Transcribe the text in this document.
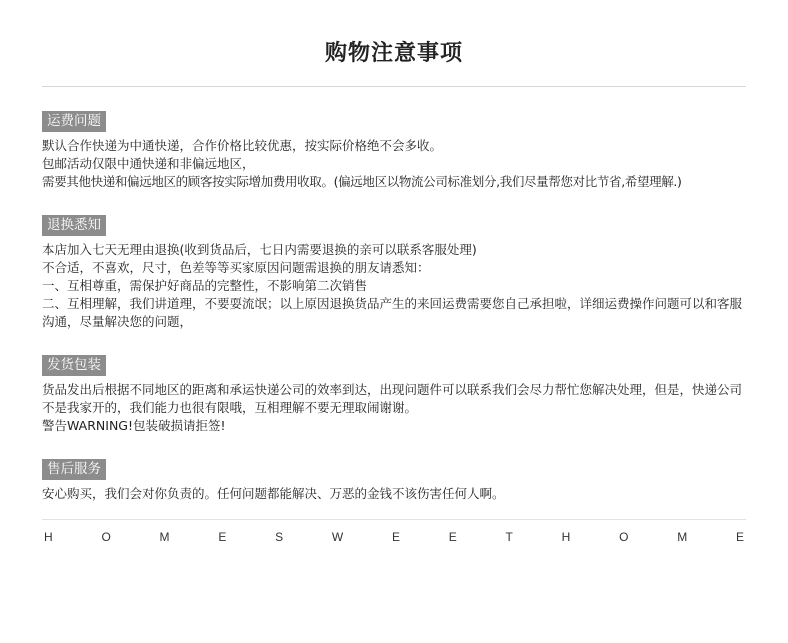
购物注意事项
运费问题

默认合作快递为中通快递，合作价格比较优惠，按实际价格绝不会多收。

包邮活动仅限中通快递和非偏远地区，

需要其他快递和偏远地区的顾客按实际增加费用收取。(偏远地区以物流公司标准划分,我们尽量帮您对比节省,希望理解.)

退换悉知

本店加入七天无理由退换(收到货品后，七日内需要退换的亲可以联系客服处理)

不合适，不喜欢，尺寸，色差等等买家原因问题需退换的朋友请悉知：

一、互相尊重，需保护好商品的完整性，不影响第二次销售

二、互相理解，我们讲道理，不要耍流氓；以上原因退换货品产生的来回运费需要您自己承担啦，详细运费操作问题可以和客服沟通，尽量解决您的问题，

发货包装

货品发出后根据不同地区的距离和承运快递公司的效率到达，出现问题件可以联系我们会尽力帮忙您解决处理，但是，快递公司不是我家开的，我们能力也很有限哦，互相理解不要无理取闹谢谢。

警告WARNING!包装破损请拒签!

售后服务

安心购买，我们会对你负责的。任何问题都能解决、万恶的金钱不该伤害任何人啊。

H	O	M	E	S	W	E	E	T	H	O	M	E
